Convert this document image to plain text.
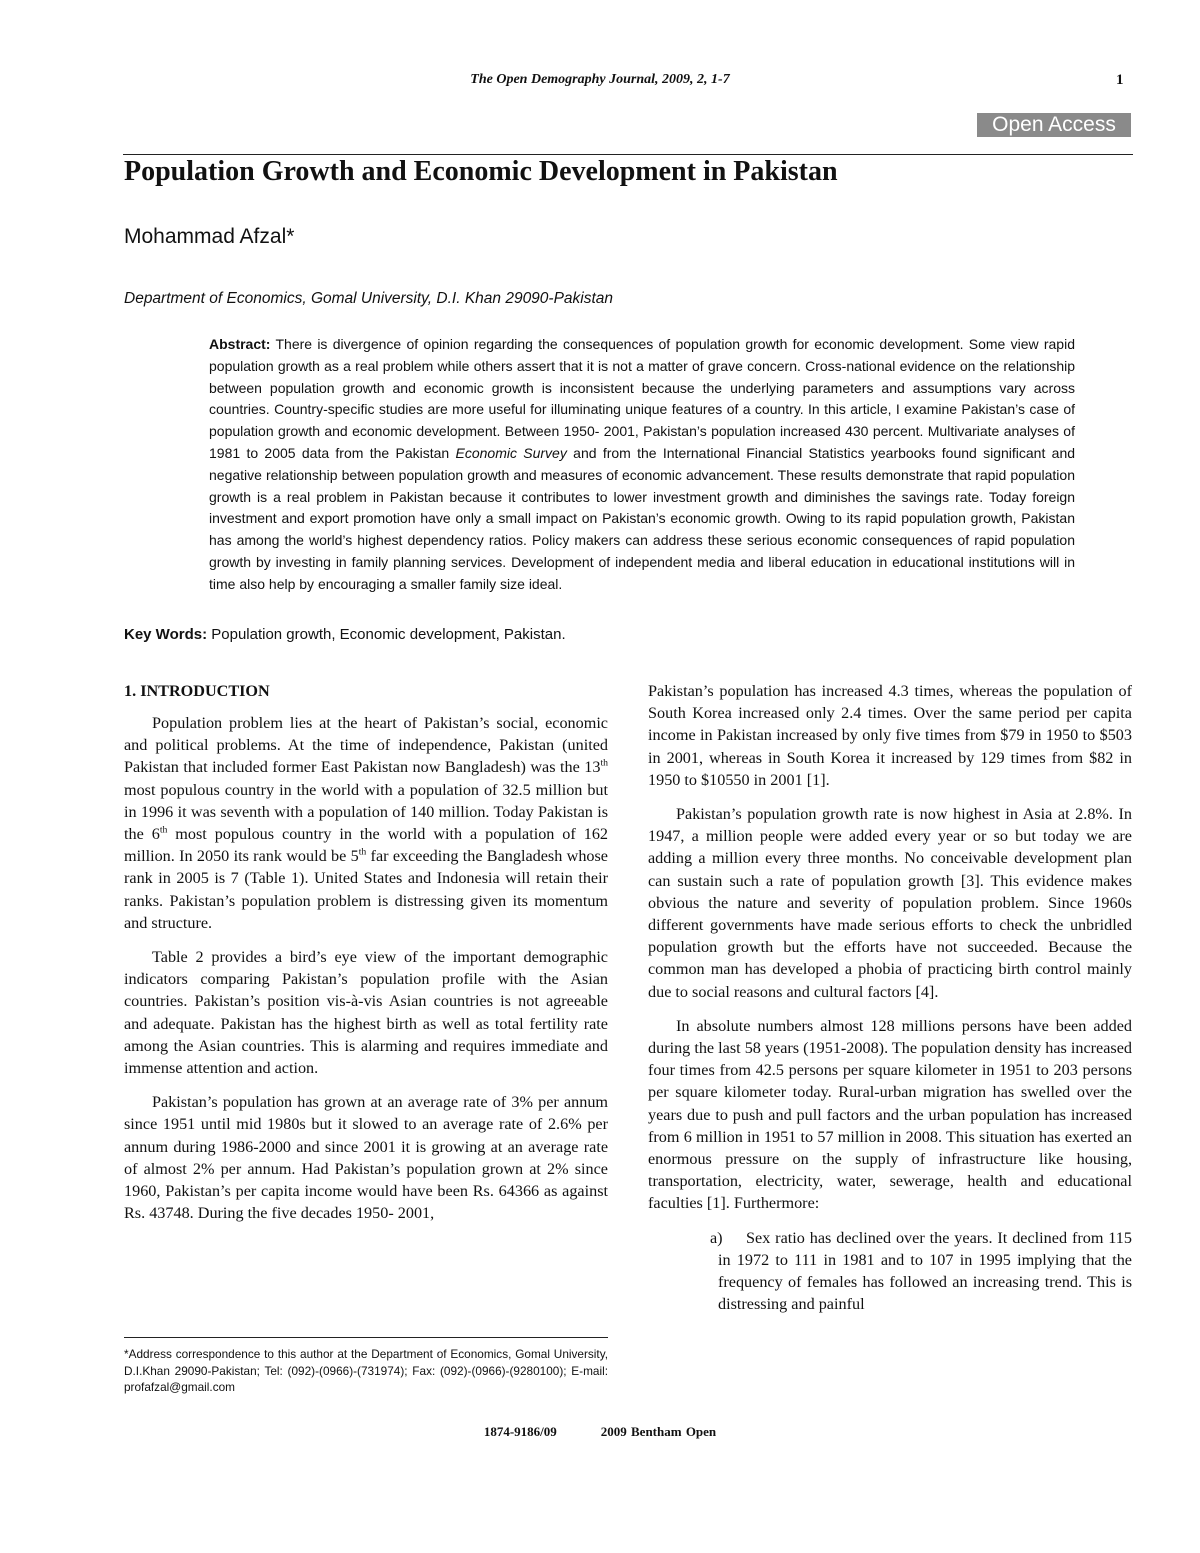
The Open Demography Journal, 2009, 2, 1-7	1
Open Access
Population Growth and Economic Development in Pakistan

Mohammad Afzal*

Department of Economics, Gomal University, D.I. Khan 29090-Pakistan

Abstract: There is divergence of opinion regarding the consequences of population growth for economic development. Some view rapid population growth as a real problem while others assert that it is not a matter of grave concern. Cross-national evidence on the relationship between population growth and economic growth is inconsistent because the underlying parameters and assumptions vary across countries. Country-specific studies are more useful for illuminating unique features of a country. In this article, I examine Pakistan’s case of population growth and economic development. Between 1950- 2001, Pakistan’s population increased 430 percent. Multivariate analyses of 1981 to 2005 data from the Pakistan Economic Survey and from the International Financial Statistics yearbooks found significant and negative relationship between population growth and measures of economic advancement. These results demonstrate that rapid population growth is a real problem in Pakistan because it contributes to lower investment growth and diminishes the savings rate. Today foreign investment and export promotion have only a small impact on Pakistan’s economic growth. Owing to its rapid population growth, Pakistan has among the world’s highest dependency ratios. Policy makers can address these serious economic consequences of rapid population growth by investing in family planning services. Development of independent media and liberal education in educational institutions will in time also help by encouraging a smaller family size ideal.

Key Words: Population growth, Economic development, Pakistan.

1. INTRODUCTION

Population problem lies at the heart of Pakistan’s social, economic and political problems. At the time of independence, Pakistan (united Pakistan that included former East Pakistan now Bangladesh) was the 13th most populous country in the world with a population of 32.5 million but in 1996 it was seventh with a population of 140 million. Today Pakistan is the 6th most populous country in the world with a population of 162 million. In 2050 its rank would be 5th far exceeding the Bangladesh whose rank in 2005 is 7 (Table 1). United States and Indonesia will retain their ranks. Pakistan’s population problem is distressing given its momentum and structure.

Table 2 provides a bird’s eye view of the important demographic indicators comparing Pakistan’s population profile with the Asian countries. Pakistan’s position vis-à-vis Asian countries is not agreeable and adequate. Pakistan has the highest birth as well as total fertility rate among the Asian countries. This is alarming and requires immediate and immense attention and action.

Pakistan’s population has grown at an average rate of 3% per annum since 1951 until mid 1980s but it slowed to an average rate of 2.6% per annum during 1986-2000 and since 2001 it is growing at an average rate of almost 2% per annum. Had Pakistan’s population grown at 2% since 1960, Pakistan’s per capita income would have been Rs. 64366 as against Rs. 43748. During the five decades 1950- 2001,

Pakistan’s population has increased 4.3 times, whereas the population of South Korea increased only 2.4 times. Over the same period per capita income in Pakistan increased by only five times from $79 in 1950 to $503 in 2001, whereas in South Korea it increased by 129 times from $82 in 1950 to $10550 in 2001 [1].

Pakistan’s population growth rate is now highest in Asia at 2.8%. In 1947, a million people were added every year or so but today we are adding a million every three months. No conceivable development plan can sustain such a rate of population growth [3]. This evidence makes obvious the nature and severity of population problem. Since 1960s different governments have made serious efforts to check the unbridled population growth but the efforts have not succeeded. Because the common man has developed a phobia of practicing birth control mainly due to social reasons and cultural factors [4].

In absolute numbers almost 128 millions persons have been added during the last 58 years (1951-2008). The population density has increased four times from 42.5 persons per square kilometer in 1951 to 203 persons per square kilometer today. Rural-urban migration has swelled over the years due to push and pull factors and the urban population has increased from 6 million in 1951 to 57 million in 2008. This situation has exerted an enormous pressure on the supply of infrastructure like housing, transportation, electricity, water, sewerage, health and educational faculties [1]. Furthermore:

a) Sex ratio has declined over the years. It declined from 115 in 1972 to 111 in 1981 and to 107 in 1995 implying that the frequency of females has followed an increasing trend. This is distressing and painful

*Address correspondence to this author at the Department of Economics, Gomal University, D.I.Khan 29090-Pakistan; Tel: (092)-(0966)-(731974); Fax: (092)-(0966)-(9280100); E-mail: profafzal@gmail.com

1874-9186/09	2009 Bentham Open
